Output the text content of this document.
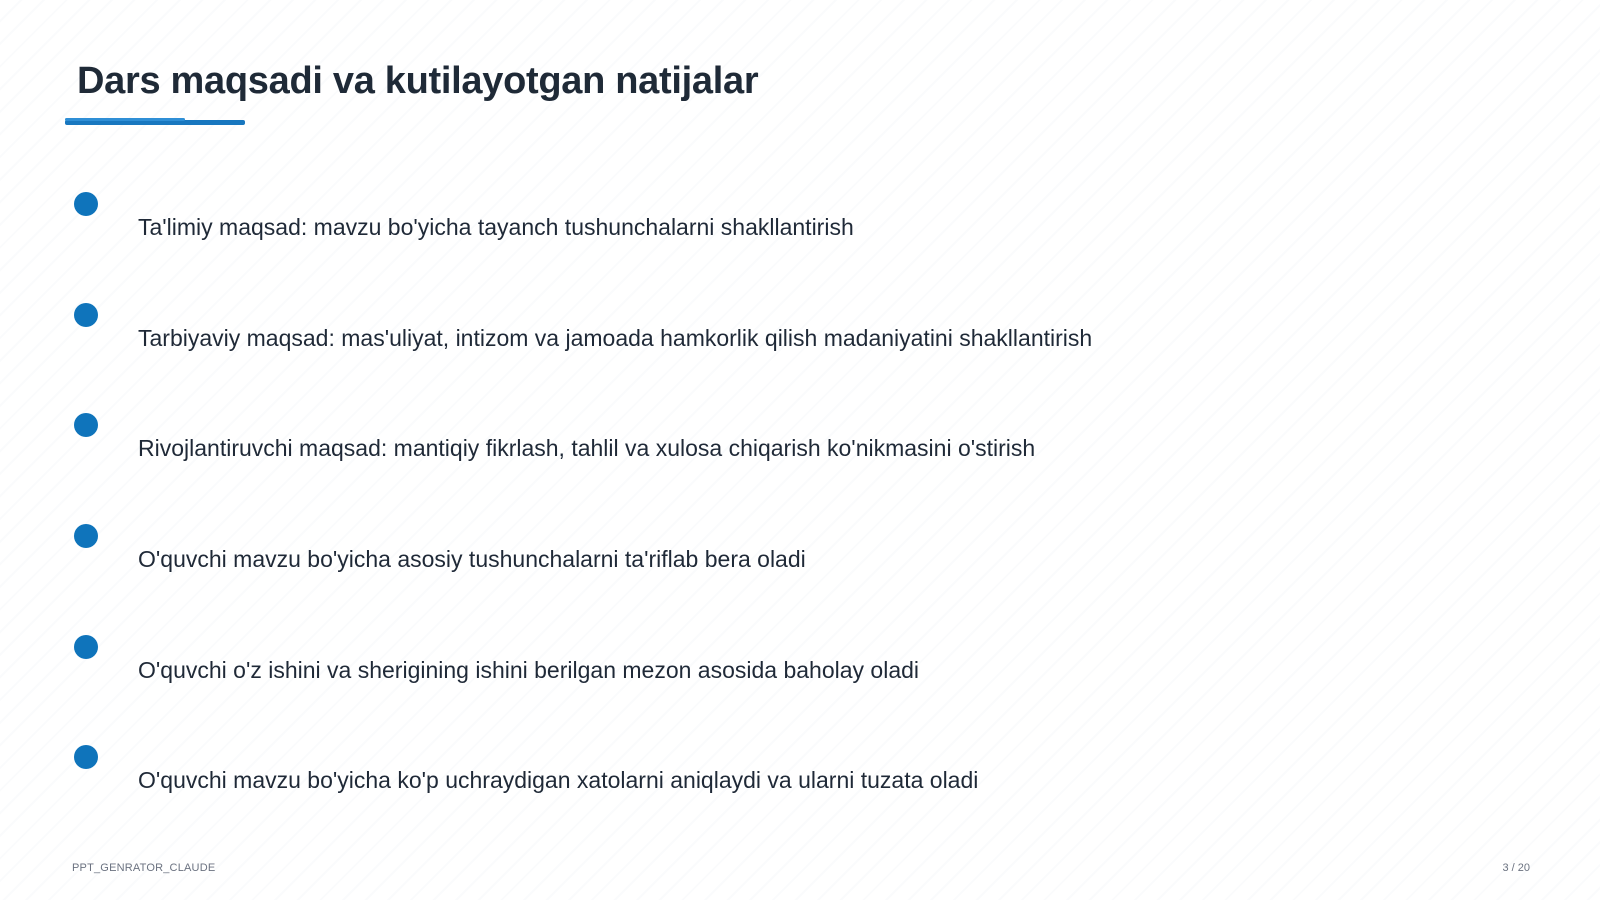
Dars maqsadi va kutilayotgan natijalar
Ta'limiy maqsad: mavzu bo'yicha tayanch tushunchalarni shakllantirish
Tarbiyaviy maqsad: mas'uliyat, intizom va jamoada hamkorlik qilish madaniyatini shakllantirish
Rivojlantiruvchi maqsad: mantiqiy fikrlash, tahlil va xulosa chiqarish ko'nikmasini o'stirish
O'quvchi mavzu bo'yicha asosiy tushunchalarni ta'riflab bera oladi
O'quvchi o'z ishini va sherigining ishini berilgan mezon asosida baholay oladi
O'quvchi mavzu bo'yicha ko'p uchraydigan xatolarni aniqlaydi va ularni tuzata oladi
PPT_GENRATOR_CLAUDE	3 / 20
